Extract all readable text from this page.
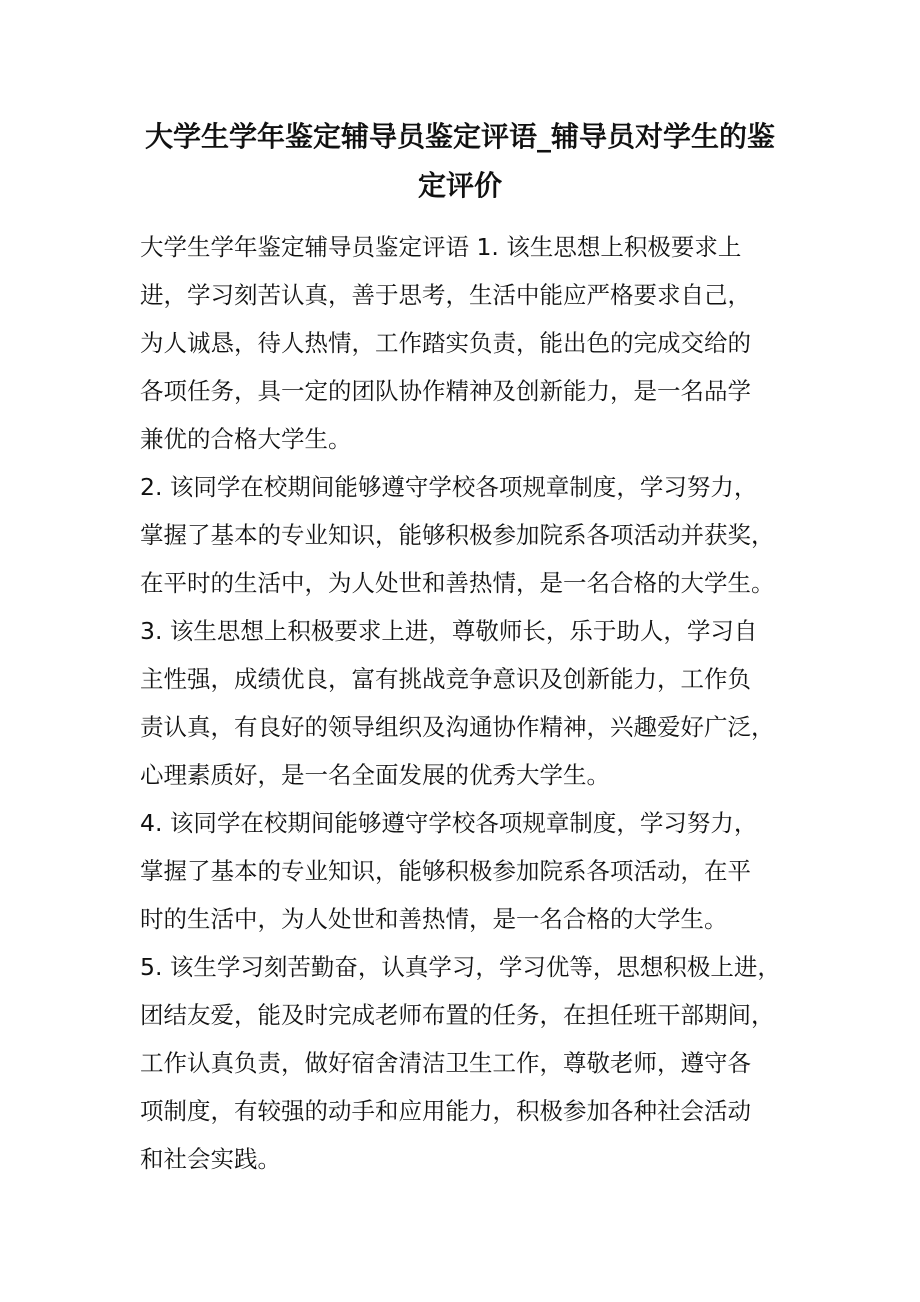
大学生学年鉴定辅导员鉴定评语_辅导员对学生的鉴
定评价

大学生学年鉴定辅导员鉴定评语 1. 该生思想上积极要求上

进，学习刻苦认真，善于思考，生活中能应严格要求自己，

为人诚恳，待人热情，工作踏实负责，能出色的完成交给的

各项任务，具一定的团队协作精神及创新能力，是一名品学

兼优的合格大学生。

2. 该同学在校期间能够遵守学校各项规章制度，学习努力，

掌握了基本的专业知识，能够积极参加院系各项活动并获奖，

在平时的生活中，为人处世和善热情，是一名合格的大学生。

3. 该生思想上积极要求上进，尊敬师长，乐于助人，学习自

主性强，成绩优良，富有挑战竞争意识及创新能力，工作负

责认真，有良好的领导组织及沟通协作精神，兴趣爱好广泛，

心理素质好，是一名全面发展的优秀大学生。

4. 该同学在校期间能够遵守学校各项规章制度，学习努力，

掌握了基本的专业知识，能够积极参加院系各项活动，在平

时的生活中，为人处世和善热情，是一名合格的大学生。

5. 该生学习刻苦勤奋，认真学习，学习优等，思想积极上进，

团结友爱，能及时完成老师布置的任务，在担任班干部期间，

工作认真负责，做好宿舍清洁卫生工作，尊敬老师，遵守各

项制度，有较强的动手和应用能力，积极参加各种社会活动

和社会实践。
